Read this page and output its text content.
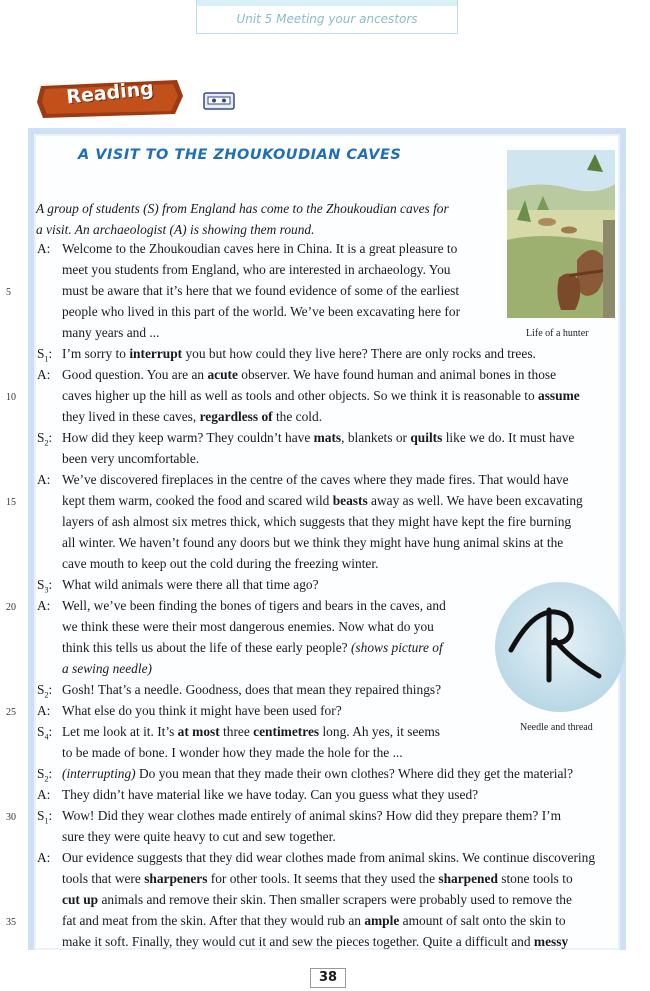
Unit 5 Meeting your ancestors
Reading
A VISIT TO THE ZHOUKOUDIAN CAVES
Life of a hunter
Needle and thread
A group of students (S) from England has come to the Zhoukoudian caves for
a visit. An archaeologist (A) is showing them round.
A:
$S_1$:
A:
$S_2$:
A:
$S_3$:
A:
$S_2$:
A:
$S_4$:
$S_2$:
A:
$S_1$:
A:
Welcome to the Zhoukoudian caves here in China. It is a great pleasure to
meet you students from England, who are interested in archaeology. You
must be aware that it’s here that we found evidence of some of the earliest
people who lived in this part of the world. We’ve been excavating here for
many years and ...
I’m sorry to interrupt you but how could they live here? There are only rocks and trees.
Good question. You are an acute observer. We have found human and animal bones in those
caves higher up the hill as well as tools and other objects. So we think it is reasonable to assume
they lived in these caves, regardless of the cold.
How did they keep warm? They couldn’t have mats, blankets or quilts like we do. It must have
been very uncomfortable.
We’ve discovered fireplaces in the centre of the caves where they made fires. That would have
kept them warm, cooked the food and scared wild beasts away as well. We have been excavating
layers of ash almost six metres thick, which suggests that they might have kept the fire burning
all winter. We haven’t found any doors but we think they might have hung animal skins at the
cave mouth to keep out the cold during the freezing winter.
What wild animals were there all that time ago?
Well, we’ve been finding the bones of tigers and bears in the caves, and
we think these were their most dangerous enemies. Now what do you
think this tells us about the life of these early people? (shows picture of
a sewing needle)
Gosh! That’s a needle. Goodness, does that mean they repaired things?
What else do you think it might have been used for?
Let me look at it. It’s at most three centimetres long. Ah yes, it seems
to be made of bone. I wonder how they made the hole for the ...
(interrupting) Do you mean that they made their own clothes? Where did they get the material?
They didn’t have material like we have today. Can you guess what they used?
Wow! Did they wear clothes made entirely of animal skins? How did they prepare them? I’m
sure they were quite heavy to cut and sew together.
Our evidence suggests that they did wear clothes made from animal skins. We continue discovering
tools that were sharpeners for other tools. It seems that they used the sharpened stone tools to
cut up animals and remove their skin. Then smaller scrapers were probably used to remove the
fat and meat from the skin. After that they would rub an ample amount of salt onto the skin to
make it soft. Finally, they would cut it and sew the pieces together. Quite a difficult and messy
5
10
15
20
25
30
35
38
